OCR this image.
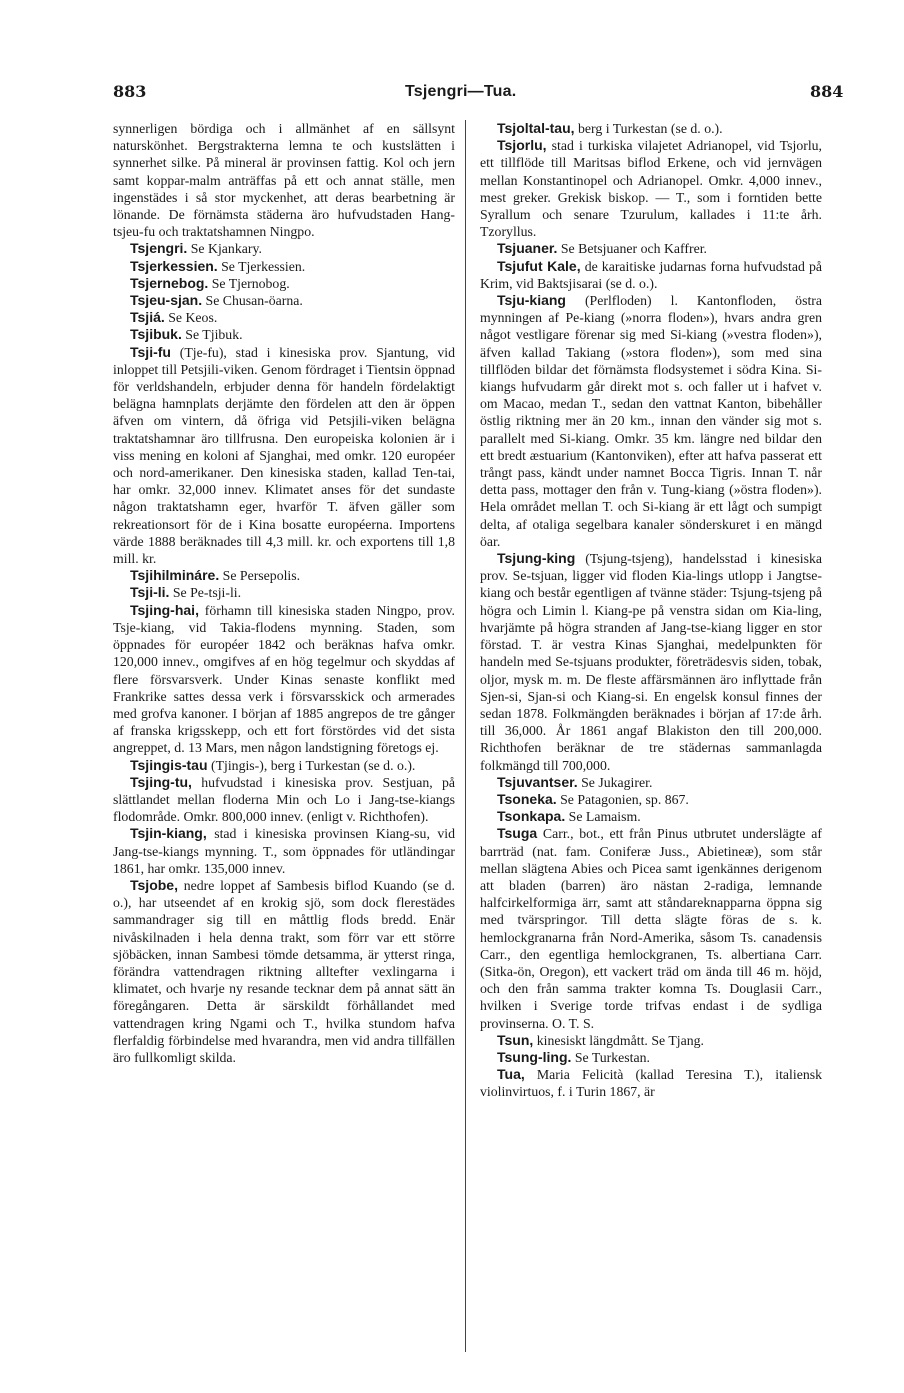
883	Tsjengri—Tua.	884

synnerligen bördiga och i allmänhet af en sällsynt naturskönhet. Bergstrakterna lemna te och kustslätten i synnerhet silke. På mineral är provinsen fattig. Kol och jern samt koppar-malm anträffas på ett och annat ställe, men ingenstädes i så stor myckenhet, att deras bearbetning är lönande. De förnämsta städerna äro hufvudstaden Hang-tsjeu-fu och traktatshamnen Ningpo.

Tsjengri. Se Kjankary.

Tsjerkessien. Se Tjerkessien.

Tsjernebog. Se Tjernobog.

Tsjeu-sjan. Se Chusan-öarna.

Tsjiá. Se Keos.

Tsjibuk. Se Tjibuk.

Tsji-fu (Tje-fu), stad i kinesiska prov. Sjantung, vid inloppet till Petsjili-viken. Genom fördraget i Tientsin öppnad för verldshandeln, erbjuder denna för handeln fördelaktigt belägna hamnplats derjämte den fördelen att den är öppen äfven om vintern, då öfriga vid Petsjili-viken belägna traktatshamnar äro tillfrusna. Den europeiska kolonien är i viss mening en koloni af Sjanghai, med omkr. 120 européer och nord-amerikaner. Den kinesiska staden, kallad Ten-tai, har omkr. 32,000 innev. Klimatet anses för det sundaste någon traktatshamn eger, hvarför T. äfven gäller som rekreationsort för de i Kina bosatte européerna. Importens värde 1888 beräknades till 4,3 mill. kr. och exportens till 1,8 mill. kr.

Tsjihilmináre. Se Persepolis.

Tsji-li. Se Pe-tsji-li.

Tsjing-hai, förhamn till kinesiska staden Ningpo, prov. Tsje-kiang, vid Takia-flodens mynning. Staden, som öppnades för européer 1842 och beräknas hafva omkr. 120,000 innev., omgifves af en hög tegelmur och skyddas af flere försvarsverk. Under Kinas senaste konflikt med Frankrike sattes dessa verk i försvarsskick och armerades med grofva kanoner. I början af 1885 angrepos de tre gånger af franska krigsskepp, och ett fort förstördes vid det sista angreppet, d. 13 Mars, men någon landstigning företogs ej.

Tsjingis-tau (Tjingis-), berg i Turkestan (se d. o.).

Tsjing-tu, hufvudstad i kinesiska prov. Sestjuan, på slättlandet mellan floderna Min och Lo i Jang-tse-kiangs flodområde. Omkr. 800,000 innev. (enligt v. Richthofen).

Tsjin-kiang, stad i kinesiska provinsen Kiang-su, vid Jang-tse-kiangs mynning. T., som öppnades för utländingar 1861, har omkr. 135,000 innev.

Tsjobe, nedre loppet af Sambesis biflod Kuando (se d. o.), har utseendet af en krokig sjö, som dock flerestädes sammandrager sig till en måttlig flods bredd. Enär nivåskilnaden i hela denna trakt, som förr var ett större sjöbäcken, innan Sambesi tömde detsamma, är ytterst ringa, förändra vattendragen riktning alltefter vexlingarna i klimatet, och hvarje ny resande tecknar dem på annat sätt än föregångaren. Detta är särskildt förhållandet med vattendragen kring Ngami och T., hvilka stundom hafva flerfaldig förbindelse med hvarandra, men vid andra tillfällen äro fullkomligt skilda.

Tsjoltal-tau, berg i Turkestan (se d. o.).

Tsjorlu, stad i turkiska vilajetet Adrianopel, vid Tsjorlu, ett tillflöde till Maritsas biflod Erkene, och vid jernvägen mellan Konstantinopel och Adrianopel. Omkr. 4,000 innev., mest greker. Grekisk biskop. — T., som i forntiden bette Syrallum och senare Tzurulum, kallades i 11:te årh. Tzoryllus.

Tsjuaner. Se Betsjuaner och Kaffrer.

Tsjufut Kale, de karaitiske judarnas forna hufvudstad på Krim, vid Baktsjisarai (se d. o.).

Tsju-kiang (Perlfloden) l. Kantonfloden, östra mynningen af Pe-kiang (»norra floden»), hvars andra gren något vestligare förenar sig med Si-kiang (»vestra floden»), äfven kallad Takiang (»stora floden»), som med sina tillflöden bildar det förnämsta flodsystemet i södra Kina. Si-kiangs hufvudarm går direkt mot s. och faller ut i hafvet v. om Macao, medan T., sedan den vattnat Kanton, bibehåller östlig riktning mer än 20 km., innan den vänder sig mot s. parallelt med Si-kiang. Omkr. 35 km. längre ned bildar den ett bredt æstuarium (Kantonviken), efter att hafva passerat ett trångt pass, kändt under namnet Bocca Tigris. Innan T. når detta pass, mottager den från v. Tung-kiang (»östra floden»). Hela området mellan T. och Si-kiang är ett lågt och sumpigt delta, af otaliga segelbara kanaler sönderskuret i en mängd öar.

Tsjung-king (Tsjung-tsjeng), handelsstad i kinesiska prov. Se-tsjuan, ligger vid floden Kia-lings utlopp i Jangtse-kiang och består egentligen af tvänne städer: Tsjung-tsjeng på högra och Limin l. Kiang-pe på venstra sidan om Kia-ling, hvarjämte på högra stranden af Jang-tse-kiang ligger en stor förstad. T. är vestra Kinas Sjanghai, medelpunkten för handeln med Se-tsjuans produkter, företrädesvis siden, tobak, oljor, mysk m. m. De fleste affärsmännen äro inflyttade från Sjen-si, Sjan-si och Kiang-si. En engelsk konsul finnes der sedan 1878. Folkmängden beräknades i början af 17:de årh. till 36,000. År 1861 angaf Blakiston den till 200,000. Richthofen beräknar de tre städernas sammanlagda folkmängd till 700,000.

Tsjuvantser. Se Jukagirer.

Tsoneka. Se Patagonien, sp. 867.

Tsonkapa. Se Lamaism.

Tsuga Carr., bot., ett från Pinus utbrutet underslägte af barrträd (nat. fam. Coniferæ Juss., Abietineæ), som står mellan slägtena Abies och Picea samt igenkännes derigenom att bladen (barren) äro nästan 2-radiga, lemnande halfcirkelformiga ärr, samt att ståndareknapparna öppna sig med tvärspringor. Till detta slägte föras de s. k. hemlockgranarna från Nord-Amerika, såsom Ts. canadensis Carr., den egentliga hemlockgranen, Ts. albertiana Carr. (Sitka-ön, Oregon), ett vackert träd om ända till 46 m. höjd, och den från samma trakter komna Ts. Douglasii Carr., hvilken i Sverige torde trifvas endast i de sydliga provinserna. O. T. S.

Tsun, kinesiskt längdmått. Se Tjang.

Tsung-ling. Se Turkestan.

Tua, Maria Felicità (kallad Teresina T.), italiensk violinvirtuos, f. i Turin 1867, är
